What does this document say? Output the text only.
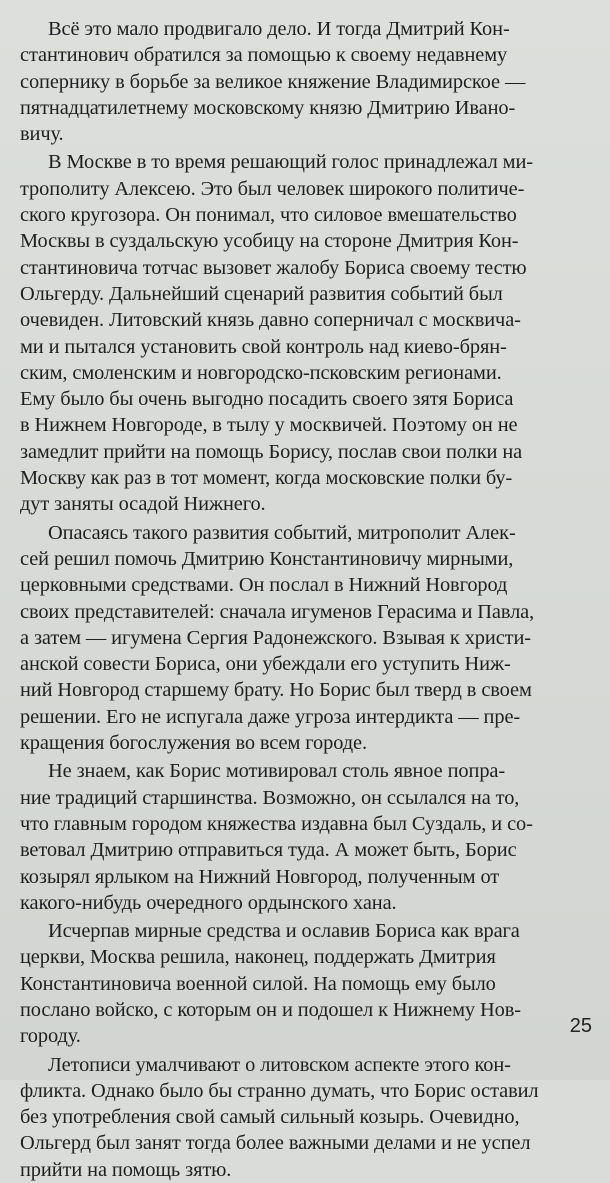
Всё это мало продвигало дело. И тогда Дмитрий Кон-
стантинович обратился за помощью к своему недавнему
сопернику в борьбе за великое княжение Владимирское —
пятнадцатилетнему московскому князю Дмитрию Ивано-
вичу.
В Москве в то время решающий голос принадлежал ми-
трополиту Алексею. Это был человек широкого политиче-
ского кругозора. Он понимал, что силовое вмешательство
Москвы в суздальскую усобицу на стороне Дмитрия Кон-
стантиновича тотчас вызовет жалобу Бориса своему тестю
Ольгерду. Дальнейший сценарий развития событий был
очевиден. Литовский князь давно соперничал с москвича-
ми и пытался установить свой контроль над киево-брян-
ским, смоленским и новгородско-псковским регионами.
Ему было бы очень выгодно посадить своего зятя Бориса
в Нижнем Новгороде, в тылу у москвичей. Поэтому он не
замедлит прийти на помощь Борису, послав свои полки на
Москву как раз в тот момент, когда московские полки бу-
дут заняты осадой Нижнего.
Опасаясь такого развития событий, митрополит Алек-
сей решил помочь Дмитрию Константиновичу мирными,
церковными средствами. Он послал в Нижний Новгород
своих представителей: сначала игуменов Герасима и Павла,
а затем — игумена Сергия Радонежского. Взывая к христи-
анской совести Бориса, они убеждали его уступить Ниж-
ний Новгород старшему брату. Но Борис был тверд в своем
решении. Его не испугала даже угроза интердикта — пре-
кращения богослужения во всем городе.
Не знаем, как Борис мотивировал столь явное попра-
ние традиций старшинства. Возможно, он ссылался на то,
что главным городом княжества издавна был Суздаль, и со-
ветовал Дмитрию отправиться туда. А может быть, Борис
козырял ярлыком на Нижний Новгород, полученным от
какого-нибудь очередного ордынского хана.
Исчерпав мирные средства и ославив Бориса как врага
церкви, Москва решила, наконец, поддержать Дмитрия
Константиновича военной силой. На помощь ему было
послано войско, с которым он и подошел к Нижнему Нов-
городу.
Летописи умалчивают о литовском аспекте этого кон-
фликта. Однако было бы странно думать, что Борис оставил
без употребления свой самый сильный козырь. Очевидно,
Ольгерд был занят тогда более важными делами и не успел
прийти на помощь зятю.
25
